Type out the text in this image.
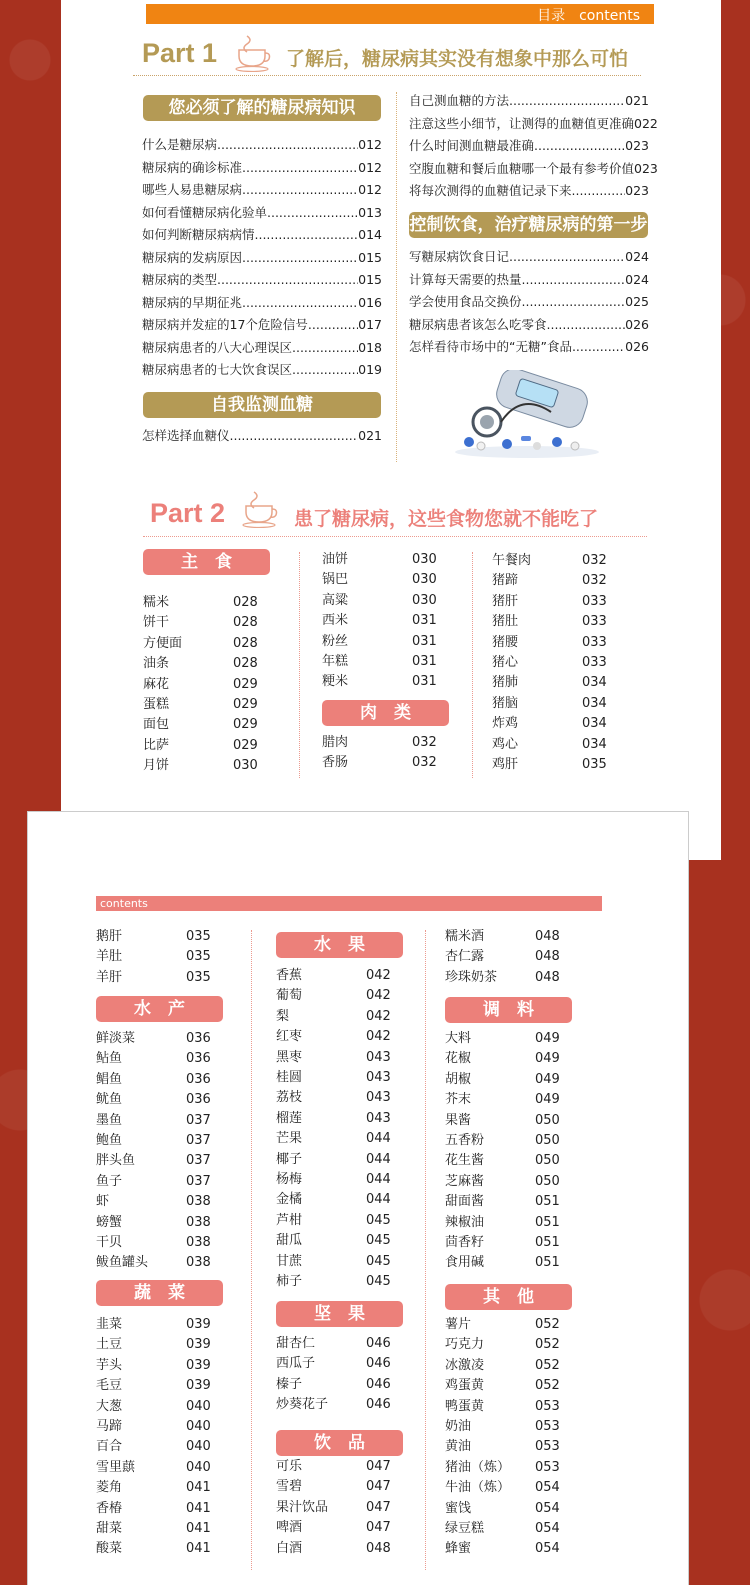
目录　contents
Part 1	了解后，糖尿病其实没有想象中那么可怕
您必须了解的糖尿病知识
什么是糖尿病 .....	012
糖尿病的确诊标准 .....	012
哪些人易患糖尿病 .....	012
如何看懂糖尿病化验单 .....	013
如何判断糖尿病病情 .....	014
糖尿病的发病原因 .....	015
糖尿病的类型 .....	015
糖尿病的早期征兆 .....	016
糖尿病并发症的17个危险信号 .....	017
糖尿病患者的八大心理误区 .....	018
糖尿病患者的七大饮食误区 .....	019
自我监测血糖
怎样选择血糖仪 .....	021
自己测血糖的方法 .....	021
注意这些小细节，让测得的血糖值更准确 022
什么时间测血糖最准确 .....	023
空腹血糖和餐后血糖哪一个最有参考价值 023
将每次测得的血糖值记录下来 .....	023
控制饮食，治疗糖尿病的第一步
写糖尿病饮食日记 .....	024
计算每天需要的热量 .....	024
学会使用食品交换份 .....	025
糖尿病患者该怎么吃零食 .....	026
怎样看待市场中的“无糖”食品 .....	026
Part 2	患了糖尿病，这些食物您就不能吃了
主　食
糯米	028
饼干	028
方便面	028
油条	028
麻花	029
蛋糕	029
面包	029
比萨	029
月饼	030
油饼	030
锅巴	030
高粱	030
西米	031
粉丝	031
年糕	031
粳米	031
肉　类
腊肉	032
香肠	032
午餐肉	032
猪蹄	032
猪肝	033
猪肚	033
猪腰	033
猪心	033
猪肺	034
猪脑	034
炸鸡	034
鸡心	034
鸡肝	035
contents
鹅肝	035
羊肚	035
羊肝	035
水　产
鲜淡菜	036
鲇鱼	036
鲳鱼	036
鱿鱼	036
墨鱼	037
鲍鱼	037
胖头鱼	037
鱼子	037
虾	038
螃蟹	038
干贝	038
鲅鱼罐头	038
蔬　菜
韭菜	039
土豆	039
芋头	039
毛豆	039
大葱	040
马蹄	040
百合	040
雪里蕻	040
菱角	041
香椿	041
甜菜	041
酸菜	041
水　果
香蕉	042
葡萄	042
梨	042
红枣	042
黑枣	043
桂圆	043
荔枝	043
榴莲	043
芒果	044
椰子	044
杨梅	044
金橘	044
芦柑	045
甜瓜	045
甘蔗	045
柿子	045
坚　果
甜杏仁	046
西瓜子	046
榛子	046
炒葵花子	046
饮　品
可乐	047
雪碧	047
果汁饮品	047
啤酒	047
白酒	048
糯米酒	048
杏仁露	048
珍珠奶茶	048
调　料
大料	049
花椒	049
胡椒	049
芥末	049
果酱	050
五香粉	050
花生酱	050
芝麻酱	050
甜面酱	051
辣椒油	051
茴香籽	051
食用碱	051
其　他
薯片	052
巧克力	052
冰激凌	052
鸡蛋黄	052
鸭蛋黄	053
奶油	053
黄油	053
猪油（炼）	053
牛油（炼）	054
蜜饯	054
绿豆糕	054
蜂蜜	054
